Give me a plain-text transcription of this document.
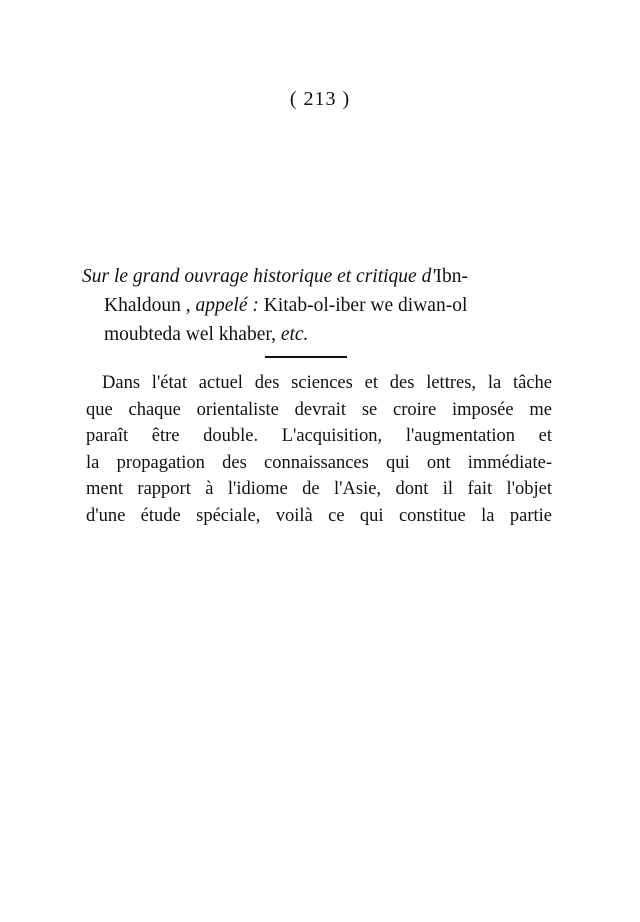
( 213 )
Sur le grand ouvrage historique et critique d'Ibn-
Khaldoun , appelé : Kitab-ol-iber we diwan-ol
moubteda wel khaber, etc.
Dans l'état actuel des sciences et des lettres, la tâche
que chaque orientaliste devrait se croire imposée me
paraît être double. L'acquisition, l'augmentation et
la propagation des connaissances qui ont immédiate-
ment rapport à l'idiome de l'Asie, dont il fait l'objet
d'une étude spéciale, voilà ce qui constitue la partie
